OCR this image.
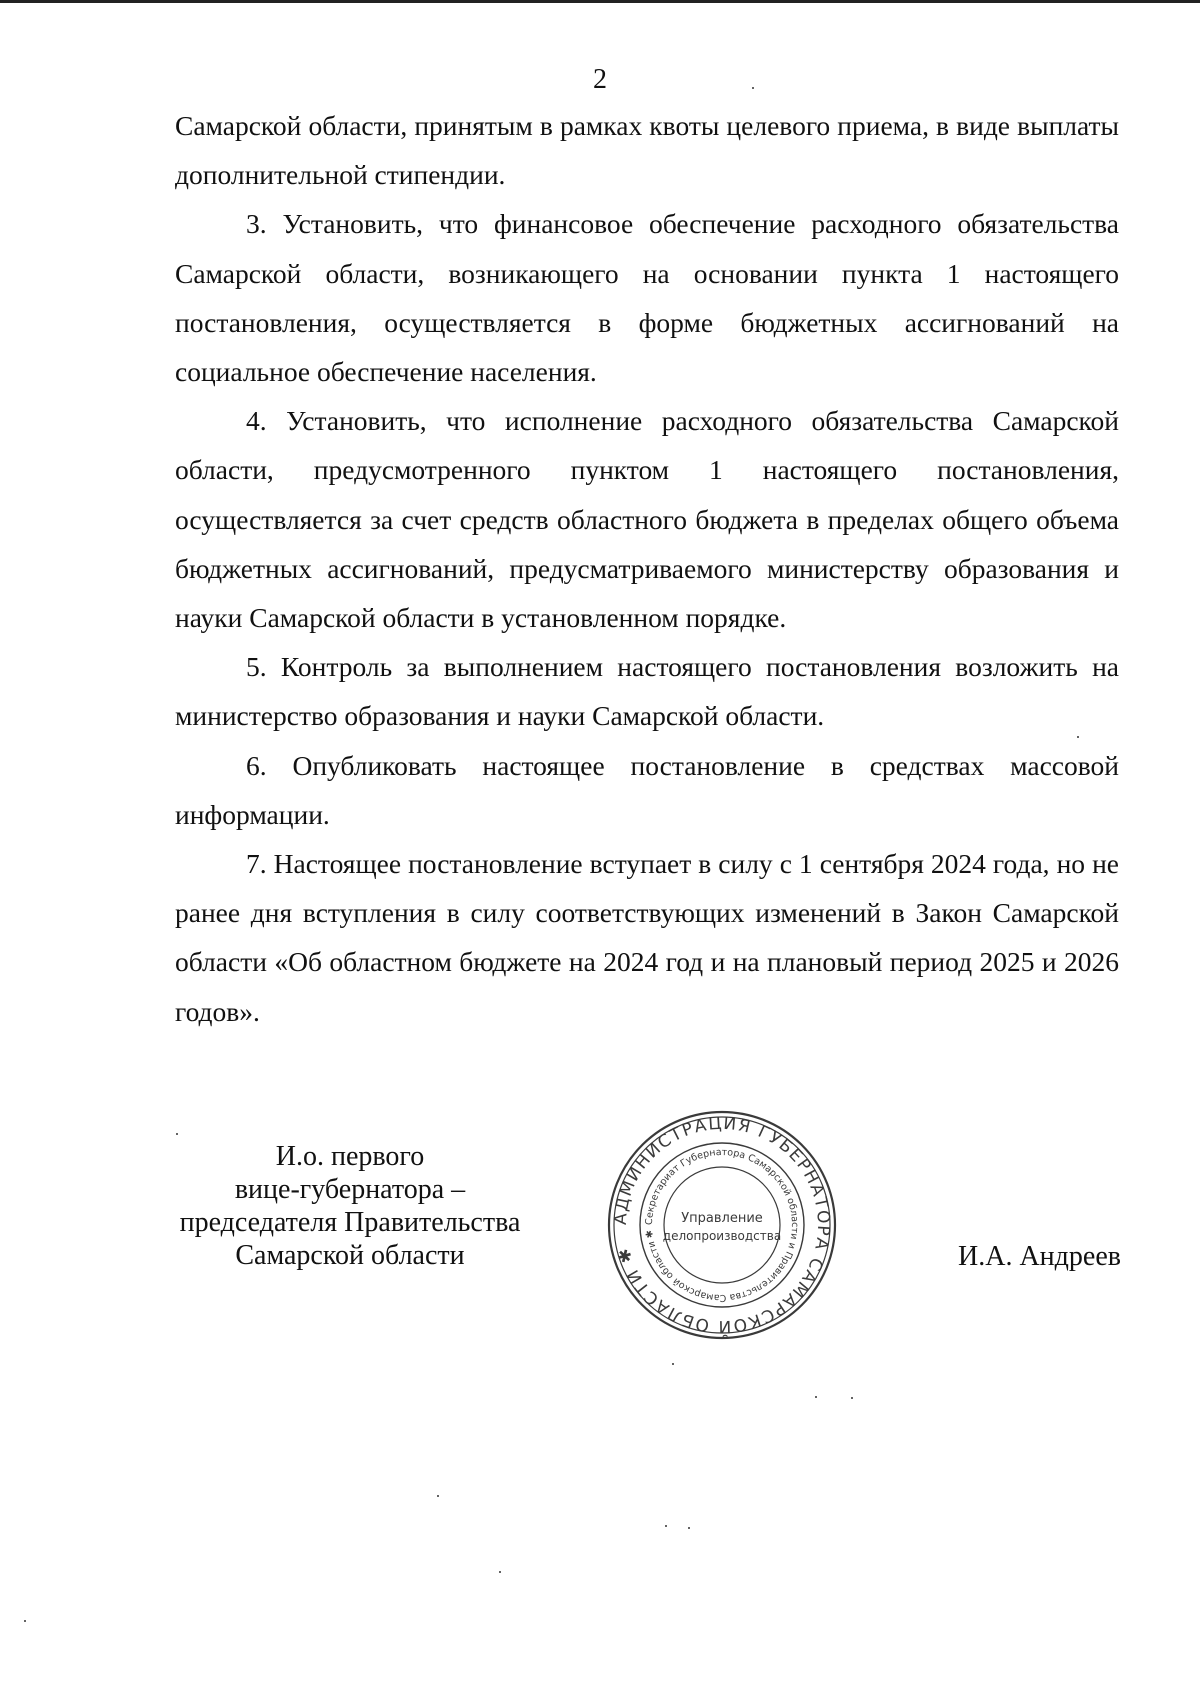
2

Самарской области, принятым в рамках квоты целевого приема, в виде выплаты дополнительной стипендии.

3. Установить, что финансовое обеспечение расходного обязательства Самарской области, возникающего на основании пункта 1 настоящего постановления, осуществляется в форме бюджетных ассигнований на социальное обеспечение населения.

4. Установить, что исполнение расходного обязательства Самарской области, предусмотренного пунктом 1 настоящего постановления, осуществляется за счет средств областного бюджета в пределах общего объема бюджетных ассигнований, предусматриваемого министерству образования и науки Самарской области в установленном порядке.

5. Контроль за выполнением настоящего постановления возложить на министерство образования и науки Самарской области.

6. Опубликовать настоящее постановление в средствах массовой информации.

7. Настоящее постановление вступает в силу с 1 сентября 2024 года, но не ранее дня вступления в силу соответствующих изменений в Закон Самарской области «Об областном бюджете на 2024 год и на плановый период 2025 и 2026 годов».

И.о. первого
вице-губернатора –
председателя Правительства
Самарской области
АДМИНИСТРАЦИЯ ГУБЕРНАТОРА САМАРСКОЙ ОБЛАСТИ ✱
Секретариат Губернатора Самарской области и Правительства Самарской области ✱
Управление
делопроизводства
И.А. Андреев
